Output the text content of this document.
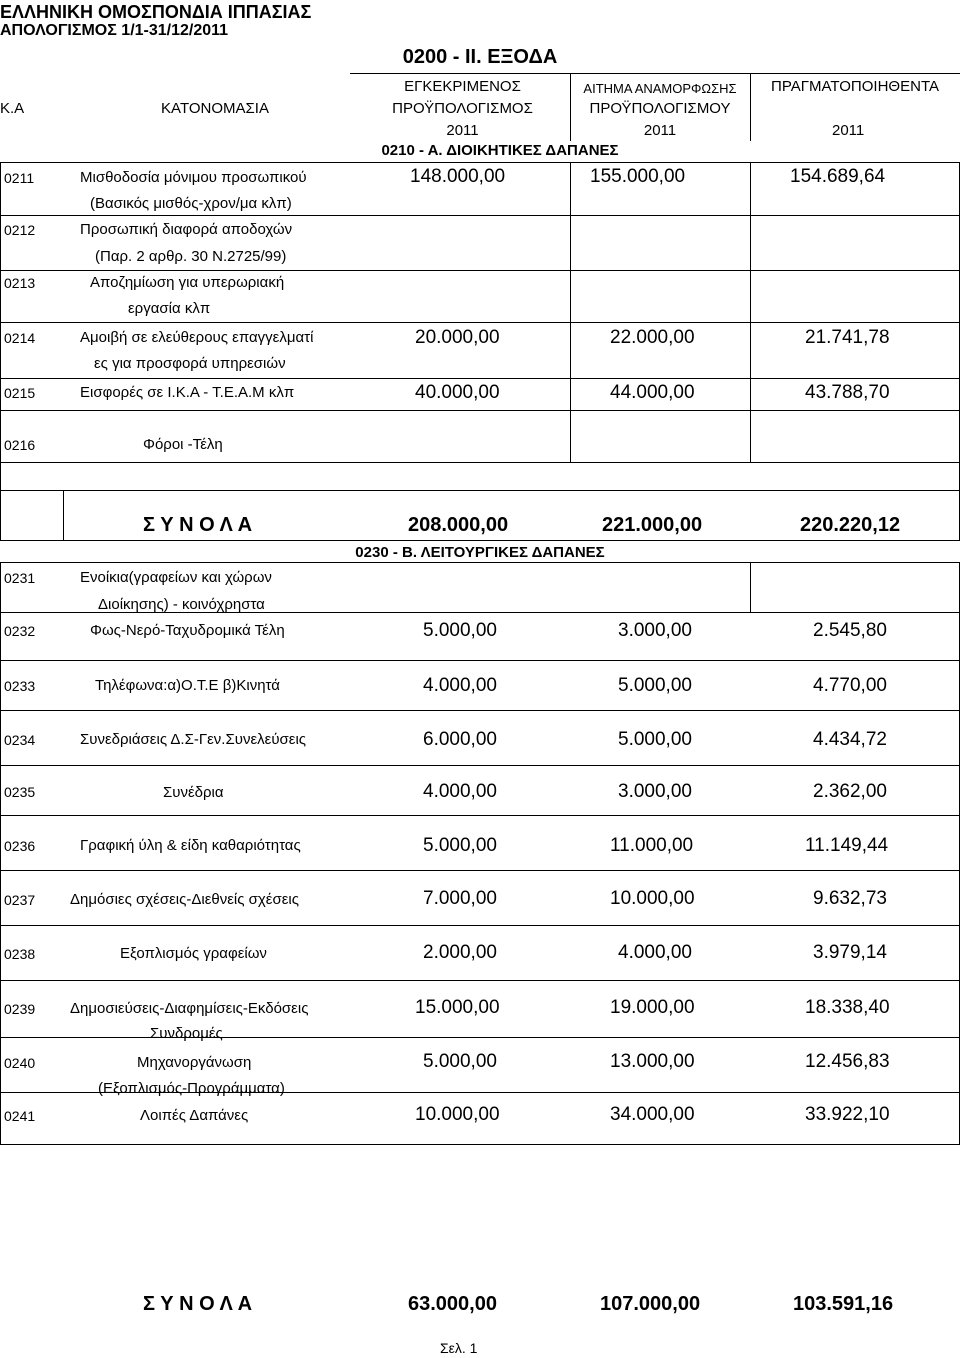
ΕΛΛΗΝΙΚΗ ΟΜΟΣΠΟΝΔΙΑ ΙΠΠΑΣΙΑΣ
ΑΠΟΛΟΓΙΣΜΟΣ 1/1-31/12/2011
0200 - II. ΕΞΟΔΑ
Κ.Α	ΚΑΤΟΝΟΜΑΣΙΑ
ΕΓΚΕΚΡΙΜΕΝΟΣ
ΠΡΟΫΠΟΛΟΓΙΣΜΟΣ
2011
ΑΙΤΗΜΑ ΑΝΑΜΟΡΦΩΣΗΣ
ΠΡΟΫΠΟΛΟΓΙΣΜΟΥ
2011
ΠΡΑΓΜΑΤΟΠΟΙΗΘΕΝΤΑ
2011
0210 - Α. ΔΙΟΙΚΗΤΙΚΕΣ ΔΑΠΑΝΕΣ
0211	Μισθοδοσία μόνιμου προσωπικού
(Βασικός μισθός-χρον/μα κλπ)
148.000,00	155.000,00	154.689,64
0212	Προσωπική διαφορά αποδοχών
(Παρ. 2 αρθρ. 30 Ν.2725/99)
0213	Αποζημίωση για υπερωριακή
εργασία κλπ
0214	Αμοιβή σε ελεύθερους επαγγελματί
ες για προσφορά υπηρεσιών
20.000,00	22.000,00	21.741,78
0215	Εισφορές σε Ι.Κ.Α - Τ.Ε.Α.Μ κλπ	40.000,00	44.000,00	43.788,70
0216	Φόροι -Τέλη
Σ Υ Ν Ο Λ Α	208.000,00	221.000,00	220.220,12
0230 - Β. ΛΕΙΤΟΥΡΓΙΚΕΣ ΔΑΠΑΝΕΣ
0231	Ενοίκια(γραφείων και χώρων
Διοίκησης) - κοινόχρηστα
0232	Φως-Νερό-Ταχυδρομικά Τέλη	5.000,00	3.000,00	2.545,80
0233	Τηλέφωνα:α)Ο.Τ.Ε β)Κινητά	4.000,00	5.000,00	4.770,00
0234	Συνεδριάσεις Δ.Σ-Γεν.Συνελεύσεις	6.000,00	5.000,00	4.434,72
0235	Συνέδρια	4.000,00	3.000,00	2.362,00
0236	Γραφική ύλη & είδη καθαριότητας	5.000,00	11.000,00	11.149,44
0237 Δημόσιες σχέσεις-Διεθνείς σχέσεις	7.000,00	10.000,00	9.632,73
0238	Εξοπλισμός γραφείων	2.000,00	4.000,00	3.979,14
0239 Δημοσιεύσεις-Διαφημίσεις-Εκδόσεις
Συνδρομές
15.000,00	19.000,00	18.338,40
0240	Μηχανοργάνωση
(Εξοπλισμός-Προγράμματα)
5.000,00	13.000,00	12.456,83
0241	Λοιπές Δαπάνες	10.000,00	34.000,00	33.922,10
Σ Υ Ν Ο Λ Α	63.000,00	107.000,00	103.591,16
Σελ. 1
